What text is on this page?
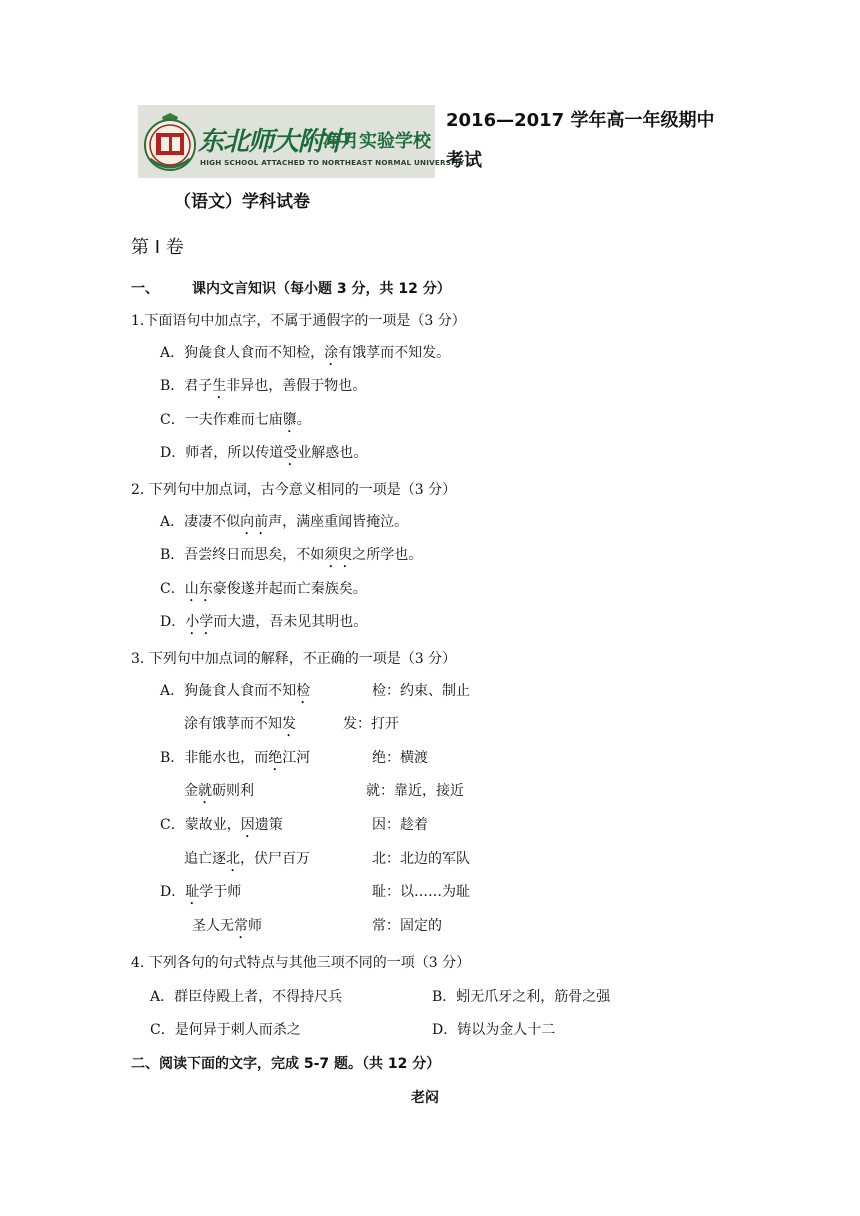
东北师大附中
净月实验学校
HIGH SCHOOL ATTACHED TO NORTHEAST NORMAL UNIVERSITY
2016—2017 学年高一年级期中
考试
（语文）学科试卷
第 I 卷
一、 课内文言知识（每小题 3 分，共 12 分）
1.下面语句中加点字，不属于通假字的一项是（3 分）
A．狗彘食人食而不知检，涂有饿莩而不知发。
B．君子生非异也，善假于物也。
C．一夫作难而七庙隳。
D．师者，所以传道受业解惑也。
2. 下列句中加点词，古今意义相同的一项是（3 分）
A．凄凄不似向前声，满座重闻皆掩泣。
B．吾尝终日而思矣，不如须臾之所学也。
C．山东豪俊遂并起而亡秦族矣。
D．小学而大遗，吾未见其明也。
3. 下列句中加点词的解释，不正确的一项是（3 分）
A．狗彘食人食而不知检	检：约束、制止
涂有饿莩而不知发	发：打开
B．非能水也，而绝江河	绝：横渡
金就砺则利	就：靠近，接近
C．蒙故业，因遗策	因：趁着
追亡逐北，伏尸百万	北：北边的军队
D．耻学于师	耻：以……为耻
圣人无常师	常：固定的
4. 下列各句的句式特点与其他三项不同的一项（3 分）
A．群臣侍殿上者，不得持尺兵	B．蚓无爪牙之利，筋骨之强
C．是何异于刺人而杀之	D．铸以为金人十二
二、阅读下面的文字，完成 5-7 题。（共 12 分）
老闷
